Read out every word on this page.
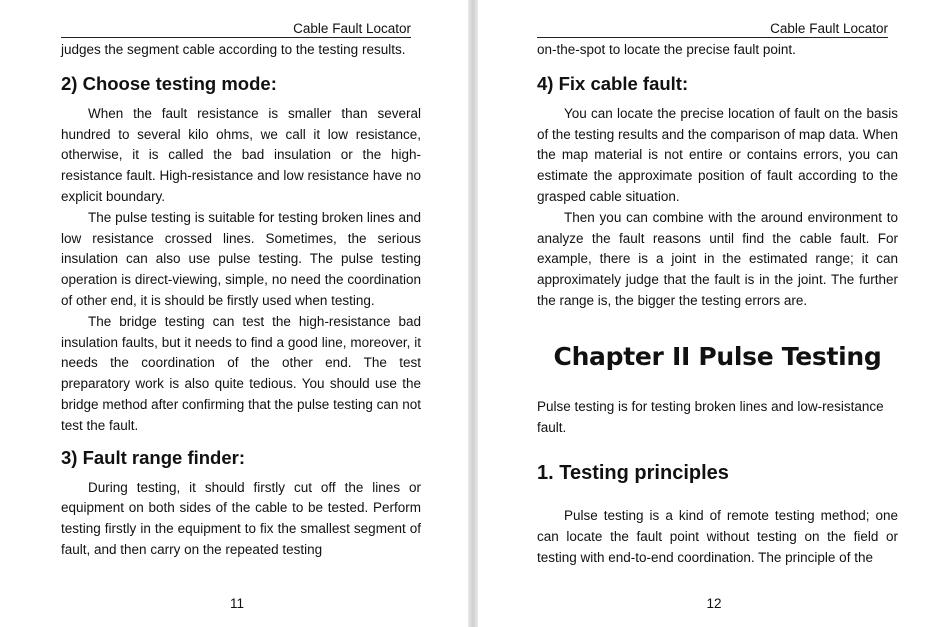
Cable Fault Locator

judges the segment cable according to the testing results.

2) Choose testing mode:

When the fault resistance is smaller than several hundred to several kilo ohms, we call it low resistance, otherwise, it is called the bad insulation or the high-resistance fault. High-resistance and low resistance have no explicit boundary.

The pulse testing is suitable for testing broken lines and low resistance crossed lines. Sometimes, the serious insulation can also use pulse testing. The pulse testing operation is direct-viewing, simple, no need the coordination of other end, it is should be firstly used when testing.

The bridge testing can test the high-resistance bad insulation faults, but it needs to find a good line, moreover, it needs the coordination of the other end. The test preparatory work is also quite tedious. You should use the bridge method after confirming that the pulse testing can not test the fault.

3) Fault range finder:

During testing, it should firstly cut off the lines or equipment on both sides of the cable to be tested. Perform testing firstly in the equipment to fix the smallest segment of fault, and then carry on the repeated testing

11
Cable Fault Locator

on-the-spot to locate the precise fault point.

4) Fix cable fault:

You can locate the precise location of fault on the basis of the testing results and the comparison of map data. When the map material is not entire or contains errors, you can estimate the approximate position of fault according to the grasped cable situation.

Then you can combine with the around environment to analyze the fault reasons until find the cable fault. For example, there is a joint in the estimated range; it can approximately judge that the fault is in the joint. The further the range is, the bigger the testing errors are.

Chapter II Pulse Testing

Pulse testing is for testing broken lines and low-resistance fault.

1. Testing principles

Pulse testing is a kind of remote testing method; one can locate the fault point without testing on the field or testing with end-to-end coordination. The principle of the

12
